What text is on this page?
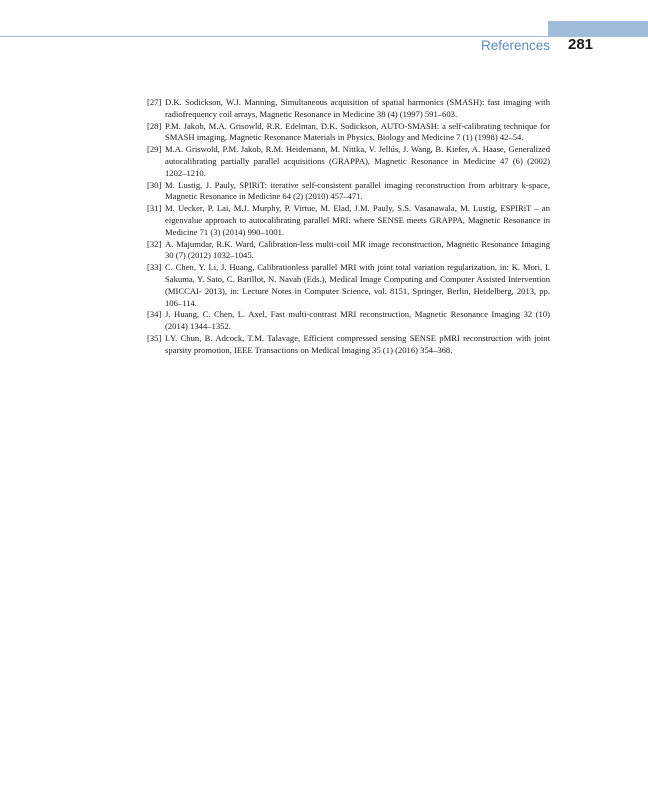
References 281
[27] D.K. Sodickson, W.J. Manning, Simultaneous acquisition of spatial harmonics (SMASH): fast imaging with radiofrequency coil arrays, Magnetic Resonance in Medicine 38 (4) (1997) 591–603.
[28] P.M. Jakob, M.A. Grisowld, R.R. Edelman, D.K. Sodickson, AUTO-SMASH: a self-calibrating technique for SMASH imaging, Magnetic Resonance Materials in Physics, Biology and Medicine 7 (1) (1998) 42–54.
[29] M.A. Griswold, P.M. Jakob, R.M. Heidemann, M. Nittka, V. Jellús, J. Wang, B. Kiefer, A. Haase, Generalized autocalibrating partially parallel acquisitions (GRAPPA), Magnetic Resonance in Medicine 47 (6) (2002) 1202–1210.
[30] M. Lustig, J. Pauly, SPIRiT: iterative self-consistent parallel imaging reconstruction from arbitrary k-space, Magnetic Resonance in Medicine 64 (2) (2010) 457–471.
[31] M. Uecker, P. Lai, M.J. Murphy, P. Virtue, M. Elad, J.M. Pauly, S.S. Vasanawala, M. Lustig, ESPIRiT – an eigenvalue approach to autocalibrating parallel MRI: where SENSE meets GRAPPA, Magnetic Resonance in Medicine 71 (3) (2014) 990–1001.
[32] A. Majumdar, R.K. Ward, Calibration-less multi-coil MR image reconstruction, Magnetic Resonance Imaging 30 (7) (2012) 1032–1045.
[33] C. Chen, Y. Li, J. Huang, Calibrationless parallel MRI with joint total variation regularization, in: K. Mori, I. Sakuma, Y. Sato, C. Barillot, N. Navab (Eds.), Medical Image Computing and Computer Assisted Intervention (MICCAI- 2013), in: Lecture Notes in Computer Science, vol. 8151, Springer, Berlin, Heidelberg, 2013, pp. 106–114.
[34] J. Huang, C. Chen, L. Axel, Fast multi-contrast MRI reconstruction, Magnetic Resonance Imaging 32 (10) (2014) 1344–1352.
[35] I.Y. Chun, B. Adcock, T.M. Talavage, Efficient compressed sensing SENSE pMRI reconstruction with joint sparsity promotion, IEEE Transactions on Medical Imaging 35 (1) (2016) 354–368.
